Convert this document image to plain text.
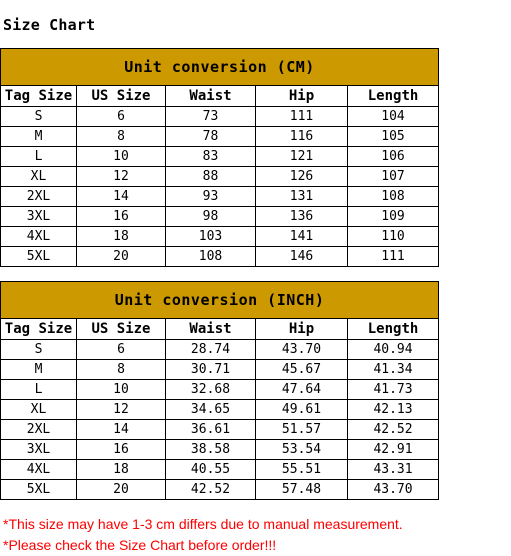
Size Chart
Unit conversion (CM)				
Tag Size	US Size	Waist	Hip	Length
S	6	73	111	104
M	8	78	116	105
L	10	83	121	106
XL	12	88	126	107
2XL	14	93	131	108
3XL	16	98	136	109
4XL	18	103	141	110
5XL	20	108	146	111
Unit conversion (INCH)				
Tag Size	US Size	Waist	Hip	Length
S	6	28.74	43.70	40.94
M	8	30.71	45.67	41.34
L	10	32.68	47.64	41.73
XL	12	34.65	49.61	42.13
2XL	14	36.61	51.57	42.52
3XL	16	38.58	53.54	42.91
4XL	18	40.55	55.51	43.31
5XL	20	42.52	57.48	43.70
*This size may have 1-3 cm differs due to manual measurement.
*Please check the Size Chart before order!!!
